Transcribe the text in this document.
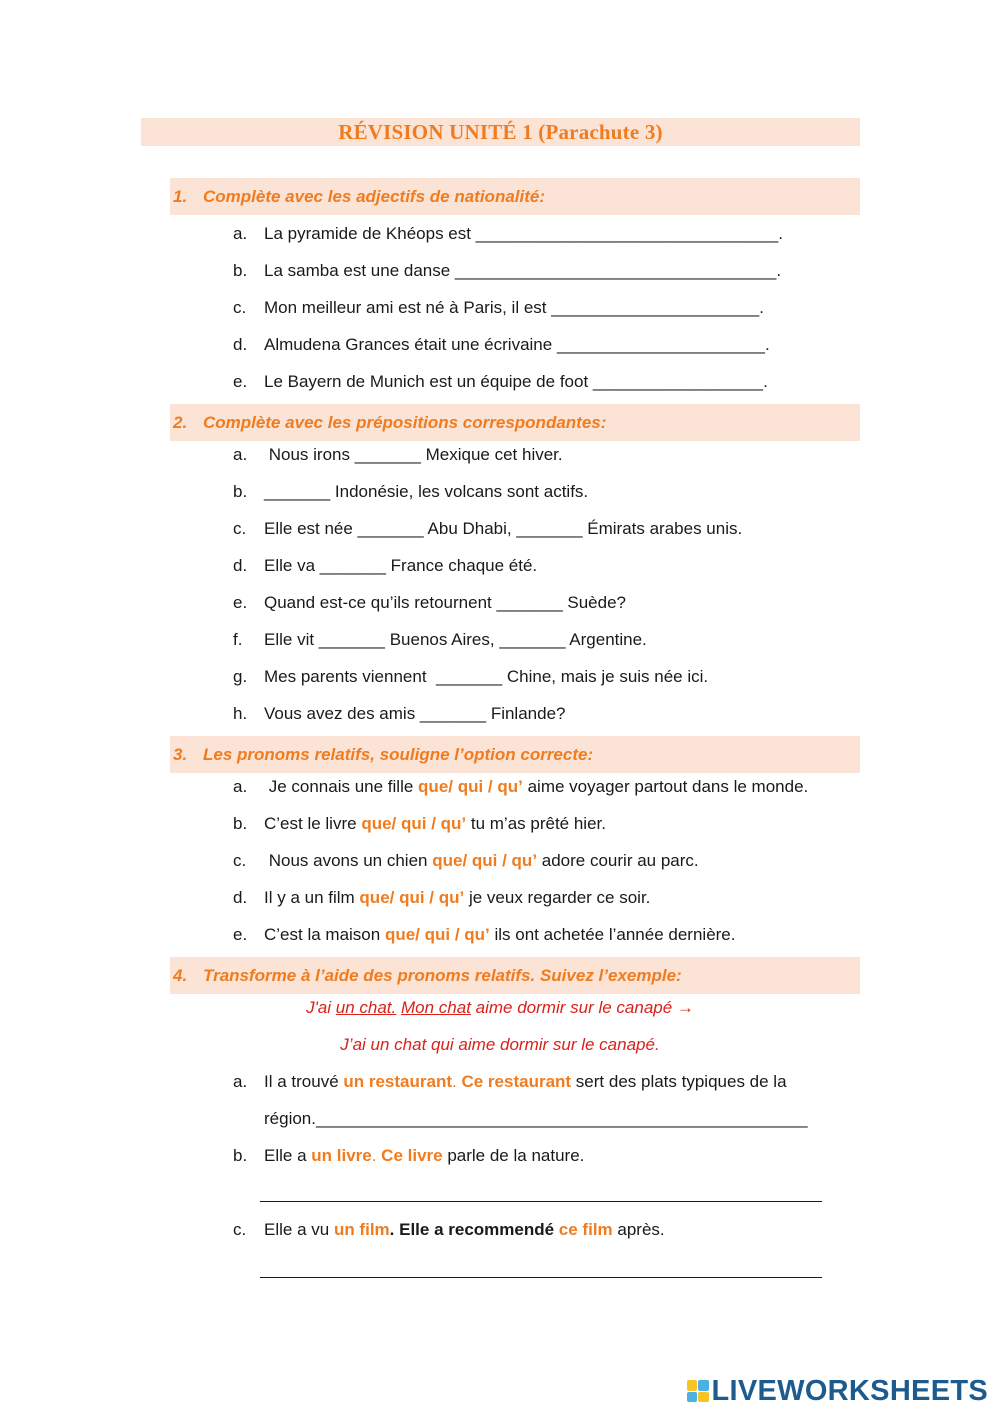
RÉVISION UNITÉ 1 (Parachute 3)
1. Complète avec les adjectifs de nationalité:
a. La pyramide de Khéops est ________________________________.
b. La samba est une danse __________________________________.
c.	Mon meilleur ami est né à Paris, il est ______________________.
d. Almudena Grances était une écrivaine ______________________.
e. Le Bayern de Munich est un équipe de foot __________________.
2. Complète avec les prépositions correspondantes:
a. Nous irons _______ Mexique cet hiver.
b. _______ Indonésie, les volcans sont actifs.
c.	Elle est née _______ Abu Dhabi, _______ Émirats arabes unis.
d. Elle va _______ France chaque été.
e. Quand est-ce qu’ils retournent _______ Suède?
f.	Elle vit _______ Buenos Aires, _______ Argentine.
g. Mes parents viennent  _______ Chine, mais je suis née ici.
h. Vous avez des amis _______ Finlande?
3. Les pronoms relatifs, souligne l’option correcte:
a. Je connais une fille que/ qui / qu’ aime voyager partout dans le monde.
b. C’est le livre que/ qui / qu’ tu m’as prêté hier.
c.	Nous avons un chien que/ qui / qu’ adore courir au parc.
d. Il y a un film que/ qui / qu’ je veux regarder ce soir.
e. C’est la maison que/ qui / qu’ ils ont achetée l’année dernière.
4. Transforme à l’aide des pronoms relatifs. Suivez l’exemple:
J'ai un chat.
Mon chat aime dormir sur le canapé →
J’ai un chat qui aime dormir sur le canapé.
a. Il a trouvé un restaurant . Ce restaurant sert des plats typiques de la
région.____________________________________________________
b. Elle a un livre . Ce livre parle de la nature.
c.	Elle a vu un film . Elle a recommendé ce film après.
LIVEWORKSHEETS
